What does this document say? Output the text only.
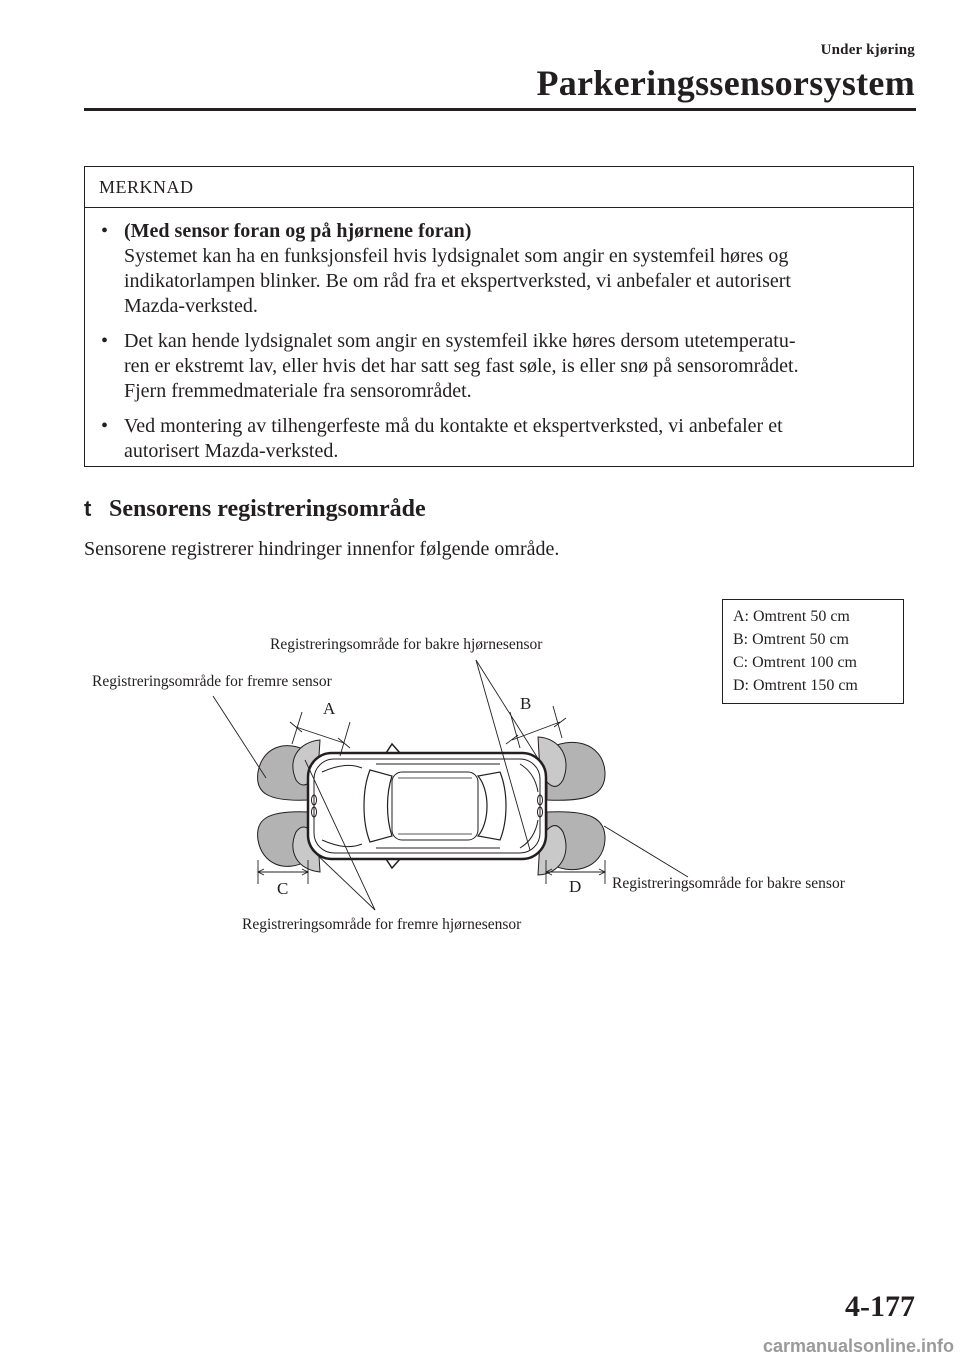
Under kjøring
Parkeringssensorsystem
MERKNAD
• (Med sensor foran og på hjørnene foran)
Systemet kan ha en funksjonsfeil hvis lydsignalet som angir en systemfeil høres og
indikatorlampen blinker. Be om råd fra et ekspertverksted, vi anbefaler et autorisert
Mazda-verksted.
• Det kan hende lydsignalet som angir en systemfeil ikke høres dersom utetemperatu-
ren er ekstremt lav, eller hvis det har satt seg fast søle, is eller snø på sensorområdet.
Fjern fremmedmateriale fra sensorområdet.
• Ved montering av tilhengerfeste må du kontakte et ekspertverksted, vi anbefaler et
autorisert Mazda-verksted.
t Sensorens registreringsområde
Sensorene registrerer hindringer innenfor følgende område.
A: Omtrent 50 cm
B: Omtrent 50 cm
C: Omtrent 100 cm
D: Omtrent 150 cm
Registreringsområde for bakre hjørnesensor
Registreringsområde for fremre sensor
Registreringsområde for bakre sensor
Registreringsområde for fremre hjørnesensor
A	B
C	D
4-177
carmanualsonline.info
